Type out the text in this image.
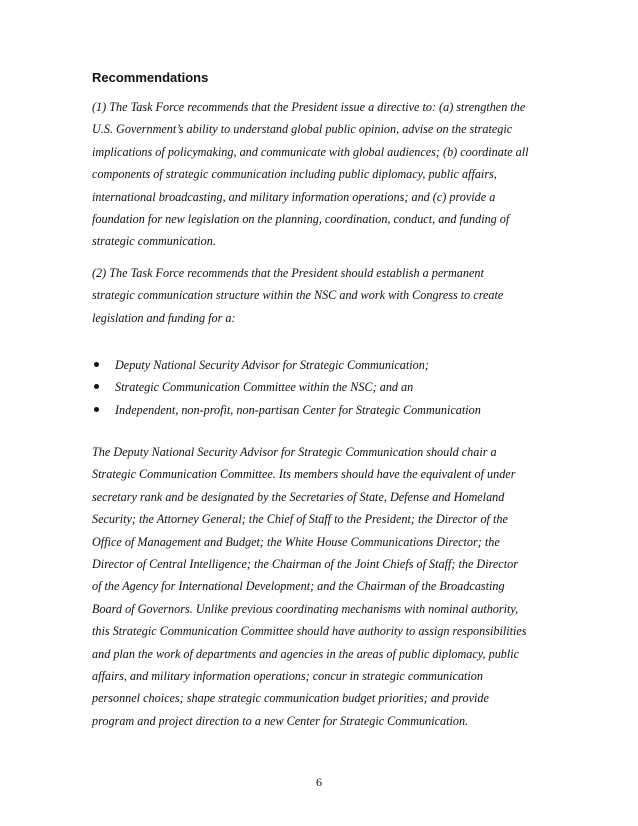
Recommendations

(1) The Task Force recommends that the President issue a directive to: (a) strengthen the
U.S. Government’s ability to understand global public opinion, advise on the strategic
implications of policymaking, and communicate with global audiences; (b) coordinate all
components of strategic communication including public diplomacy, public affairs,
international broadcasting, and military information operations; and (c) provide a
foundation for new legislation on the planning, coordination, conduct, and funding of
strategic communication.

(2) The Task Force recommends that the President should establish a permanent
strategic communication structure within the NSC and work with Congress to create
legislation and funding for a:

Deputy National Security Advisor for Strategic Communication;
Strategic Communication Committee within the NSC; and an
Independent, non-profit, non-partisan Center for Strategic Communication

The Deputy National Security Advisor for Strategic Communication should chair a
Strategic Communication Committee. Its members should have the equivalent of under
secretary rank and be designated by the Secretaries of State, Defense and Homeland
Security; the Attorney General; the Chief of Staff to the President; the Director of the
Office of Management and Budget; the White House Communications Director; the
Director of Central Intelligence; the Chairman of the Joint Chiefs of Staff; the Director
of the Agency for International Development; and the Chairman of the Broadcasting
Board of Governors. Unlike previous coordinating mechanisms with nominal authority,
this Strategic Communication Committee should have authority to assign responsibilities
and plan the work of departments and agencies in the areas of public diplomacy, public
affairs, and military information operations; concur in strategic communication
personnel choices; shape strategic communication budget priorities; and provide
program and project direction to a new Center for Strategic Communication.

6
